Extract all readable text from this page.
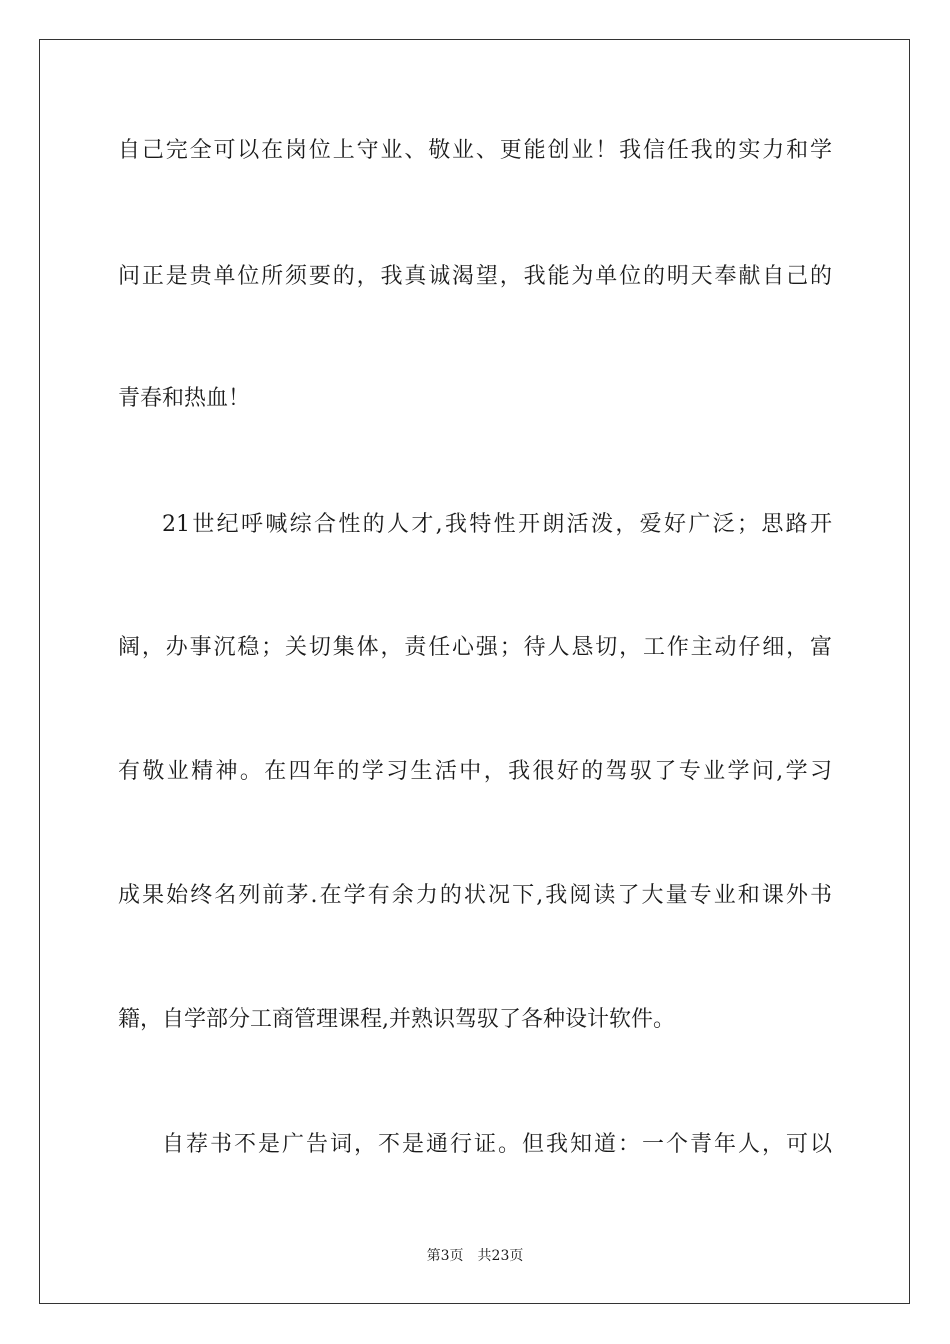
自己完全可以在岗位上守业、敬业、更能创业！我信任我的实力和学
问正是贵单位所须要的，我真诚渴望，我能为单位的明天奉献自己的
青春和热血！
21世纪呼喊综合性的人才,我特性开朗活泼，爱好广泛；思路开
阔，办事沉稳；关切集体，责任心强；待人恳切，工作主动仔细，富
有敬业精神。在四年的学习生活中，我很好的驾驭了专业学问,学习
成果始终名列前茅.在学有余力的状况下,我阅读了大量专业和课外书
籍，自学部分工商管理课程,并熟识驾驭了各种设计软件。
自荐书不是广告词，不是通行证。但我知道：一个青年人，可以
第3页　共23页
